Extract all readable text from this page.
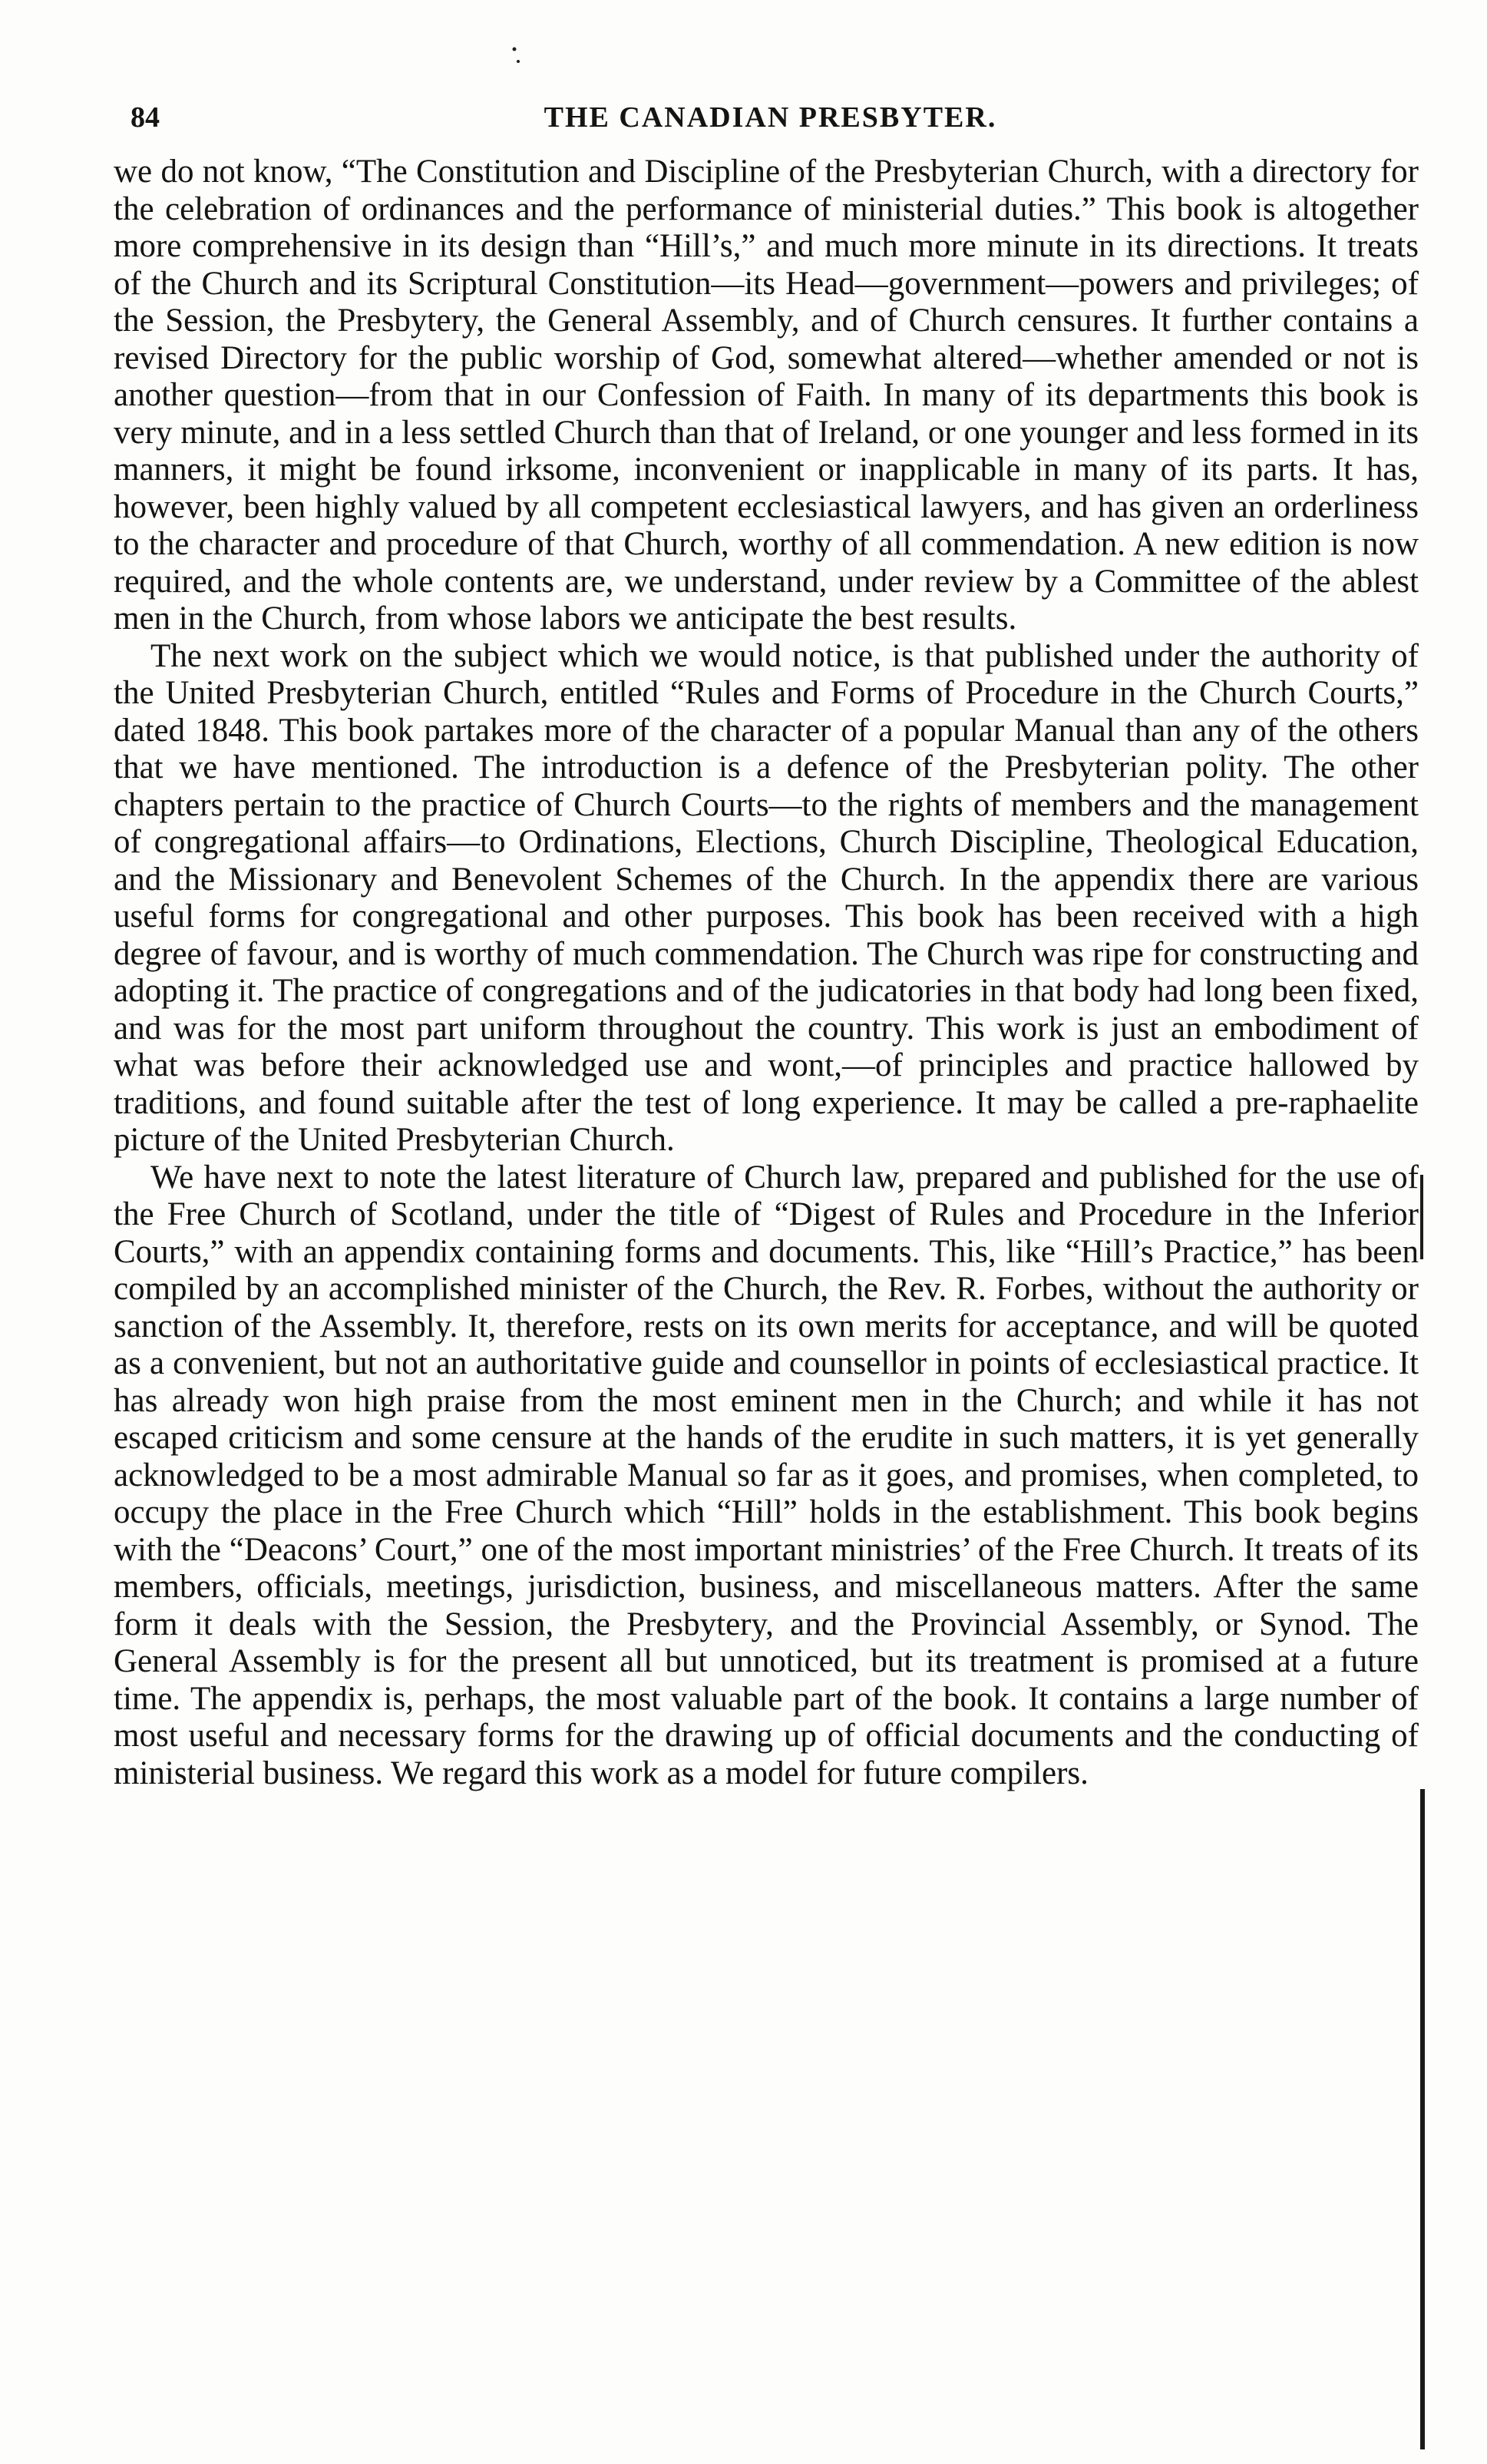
84	THE CANADIAN PRESBYTER.

we do not know, “The Constitution and Discipline of the Presbyterian Church, with a directory for the celebration of ordinances and the performance of ministerial duties.” This book is altogether more comprehensive in its design than “Hill’s,” and much more minute in its directions. It treats of the Church and its Scriptural Constitution—its Head—government—powers and privileges; of the Session, the Presbytery, the General Assembly, and of Church censures. It further contains a revised Directory for the public worship of God, somewhat altered—whether amended or not is another question—from that in our Confession of Faith. In many of its departments this book is very minute, and in a less settled Church than that of Ireland, or one younger and less formed in its manners, it might be found irksome, inconvenient or inapplicable in many of its parts. It has, however, been highly valued by all competent ecclesiastical lawyers, and has given an orderliness to the character and procedure of that Church, worthy of all commendation. A new edition is now required, and the whole contents are, we understand, under review by a Committee of the ablest men in the Church, from whose labors we anticipate the best results.

The next work on the subject which we would notice, is that published under the authority of the United Presbyterian Church, entitled “Rules and Forms of Procedure in the Church Courts,” dated 1848. This book partakes more of the character of a popular Manual than any of the others that we have mentioned. The introduction is a defence of the Presbyterian polity. The other chapters pertain to the practice of Church Courts—to the rights of members and the management of congregational affairs—to Ordinations, Elections, Church Discipline, Theological Education, and the Missionary and Benevolent Schemes of the Church. In the appendix there are various useful forms for congregational and other purposes. This book has been received with a high degree of favour, and is worthy of much commendation. The Church was ripe for constructing and adopting it. The practice of congregations and of the judicatories in that body had long been fixed, and was for the most part uniform throughout the country. This work is just an embodiment of what was before their acknowledged use and wont,—of principles and practice hallowed by traditions, and found suitable after the test of long experience. It may be called a pre-raphaelite picture of the United Presbyterian Church.

We have next to note the latest literature of Church law, prepared and published for the use of the Free Church of Scotland, under the title of “Digest of Rules and Procedure in the Inferior Courts,” with an appendix containing forms and documents. This, like “Hill’s Practice,” has been compiled by an accomplished minister of the Church, the Rev. R. Forbes, without the authority or sanction of the Assembly. It, therefore, rests on its own merits for acceptance, and will be quoted as a convenient, but not an authoritative guide and counsellor in points of ecclesiastical practice. It has already won high praise from the most eminent men in the Church; and while it has not escaped criticism and some censure at the hands of the erudite in such matters, it is yet generally acknowledged to be a most admirable Manual so far as it goes, and promises, when completed, to occupy the place in the Free Church which “Hill” holds in the establishment. This book begins with the “Deacons’ Court,” one of the most important ministries’ of the Free Church. It treats of its members, officials, meetings, jurisdiction, business, and miscellaneous matters. After the same form it deals with the Session, the Presbytery, and the Provincial Assembly, or Synod. The General Assembly is for the present all but unnoticed, but its treatment is promised at a future time. The appendix is, perhaps, the most valuable part of the book. It contains a large number of most useful and necessary forms for the drawing up of official documents and the conducting of ministerial business. We regard this work as a model for future compilers.
